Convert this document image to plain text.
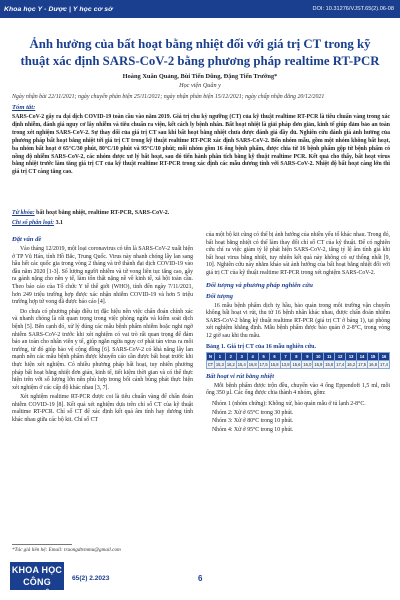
Khoa học Y - Dược | Y học cơ sở	DOI: 10.31276/VJST.65(2).06-08
Ảnh hưởng của bất hoạt bằng nhiệt đối với giá trị CT trong kỹ thuật xác định SARS-CoV-2 bằng phương pháp realtime RT-PCR
Hoàng Xuân Quảng, Bùi Tiến Dũng, Đặng Tiến Trường*
Học viện Quân y
Ngày nhận bài 22/11/2021; ngày chuyển phản biện 25/11/2021; ngày nhận phản biện 15/12/2021; ngày chấp nhận đăng 20/12/2021
Tóm tắt:
SARS-CoV-2 gây ra đại dịch COVID-19 toàn cầu vào năm 2019. Giá trị chu kỳ ngưỡng (CT) của kỹ thuật realtime RT-PCR là tiêu chuẩn vàng trong xác định nhiễm, đánh giá nguy cơ lây nhiễm và tiêu chuẩn ra viện, kết cách ly bệnh nhân. Bất hoạt nhiệt là giải pháp đơn giản, kinh tế giúp đảm bảo an toàn trong xét nghiệm SARS-CoV-2. Sự thay đổi của giá trị CT sau khi bất hoạt bằng nhiệt chưa được đánh giá đầy đủ. Nghiên cứu đánh giá ảnh hưởng của phương pháp bất hoạt bằng nhiệt tới giá trị CT trong kỹ thuật realtime RT-PCR xác định SARS-CoV-2. Bốn nhóm mẫu, gồm một nhóm không bất hoạt, ba nhóm bất hoạt ở 65°C/30 phút, 80°C/10 phút và 95°C/10 phút; mỗi nhóm gồm 16 ống bệnh phẩm, được chia từ 16 bệnh phẩm gộp từ bệnh phẩm có nồng độ nhiễm SARS-CoV-2, các nhóm được xử lý bất hoạt, sau đó tiến hành phân tích bằng kỹ thuật realtime PCR. Kết quả cho thấy, bất hoạt virus bằng nhiệt trước làm tăng giá trị CT của kỹ thuật realtime RT-PCR trong xác định các mẫu dương tính với SARS-CoV-2. Nhiệt độ bất hoạt càng lớn thì giá trị CT càng tăng cao.
Từ khóa: bất hoạt bằng nhiệt, realtime RT-PCR, SARS-CoV-2.
Chỉ số phân loại: 3.1
Đặt vấn đề

Vào tháng 12/2019, một loại coronavirus có tên là SARS-CoV-2 xuất hiện ở TP Vũ Hán, tỉnh Hồ Bắc, Trung Quốc. Virus này nhanh chóng lây lan sang hầu hết các quốc gia trong vòng 2 tháng và trở thành đại dịch COVID-19 vào đầu năm 2020 [1-3]. Số lượng người nhiễm và tử vong liên tục tăng cao, gây ra gánh nặng cho nền y tế, làm tổn thất nặng nề về kinh tế, xã hội toàn cầu. Theo báo cáo của Tổ chức Y tế thế giới (WHO), tính đến ngày 7/11/2021, hơn 249 triệu trường hợp được xác nhận nhiễm COVID-19 và hơn 5 triệu trường hợp tử vong đã được báo cáo [4].

Do chưa có phương pháp điều trị đặc hiệu nên việc chẩn đoán chính xác và nhanh chóng là rất quan trọng trong việc phòng ngừa và kiểm soát dịch bệnh [5]. Bên cạnh đó, xử lý đúng các mẫu bệnh phẩm nhiễm hoặc nghi ngờ nhiễm SARS-CoV-2 trước khi xét nghiệm có vai trò rất quan trọng để đảm bảo an toàn cho nhân viên y tế, giúp ngăn ngừa nguy cơ phát tán virus ra môi trường, từ đó giúp bảo vệ cộng đồng [6]. SARS-CoV-2 có khả năng lây lan mạnh nên các mẫu bệnh phẩm được khuyến cáo cần được bất hoạt trước khi thực hiện xét nghiệm. Có nhiều phương pháp bất hoạt, tuy nhiên phương pháp bất hoạt bằng nhiệt đơn giản, kinh tế, tiết kiệm thời gian và có thể thực hiện trên với số lượng lớn nên phù hợp trong bối cảnh bùng phát thực hiện xét nghiệm ở các cấp độ khác nhau [3, 7].

Xét nghiệm realtime RT-PCR được coi là tiêu chuẩn vàng để chẩn đoán nhiễm COVID-19 [8]. Kết quả xét nghiệm dựa trên chỉ số CT của kỹ thuật realtime RT-PCR. Chỉ số CT để xác định kết quả âm tính hay dương tính khác nhau giữa các bộ kit. Chỉ số CT

*Tác giả liên hệ: Email: truongdtvmmu@gmail.com

của một bộ kit cũng có thể bị ảnh hưởng của nhiều yếu tố khác nhau. Trong đó, bất hoạt bằng nhiệt có thể làm thay đổi chỉ số CT của kỹ thuật. Để có nghiên cứu chỉ ra việc giảm tỷ lệ phát hiện SARS-CoV-2, tăng tỷ lệ âm tính giả khi bất hoạt virus bằng nhiệt, tuy nhiên kết quả này không có sự thống nhất [9, 10]. Nghiên cứu này nhằm khảo sát ảnh hưởng của bất hoạt bằng nhiệt đối với giá trị CT của kỹ thuật realtime RT-PCR trong xét nghiệm SARS-CoV-2.

Đối tượng và phương pháp nghiên cứu
Đối tượng

16 mẫu bệnh phẩm dịch tỵ hầu, bảo quản trong môi trường vận chuyển không bất hoạt vi rút, thu từ 16 bệnh nhân khác nhau, được chẩn đoán nhiễm SARS-CoV-2 bằng kỹ thuật realtime RT-PCR (giá trị CT ở bảng 1), tại phòng xét nghiệm khẳng định. Mẫu bệnh phẩm được bảo quản ở 2-8°C, trong vòng 12 giờ sau khi thu mẫu.

Bảng 1. Giá trị CT của 16 mẫu nghiên cứu.
N	1	2	3	4	5	6	7	8	9	10	11	12	13	14	15	16
CT	15,3	16,2	15,4	16,8	17,5	15,8	13,8	15,6	16,0	15,9	15,8	17,4	16,2	17,5	16,8	17,4
Bất hoạt vi rút bằng nhiệt

Mỗi bệnh phẩm được trộn đều, chuyển vào 4 ống Eppendoft 1,5 ml, mỗi ống 350 µl. Các ống được chia thành 4 nhóm, gồm:

Nhóm 1 (nhóm chứng): Không xử, bảo quản mẫu ở tủ lạnh 2-8°C.
Nhóm 2: Xử ở 65°C trong 30 phút.
Nhóm 3: Xử ở 80°C trong 10 phút.
Nhóm 4: Xử ở 95°C trong 10 phút.
KHOA HỌC
CÔNG NGHỆ
65(2) 2.2023	6
